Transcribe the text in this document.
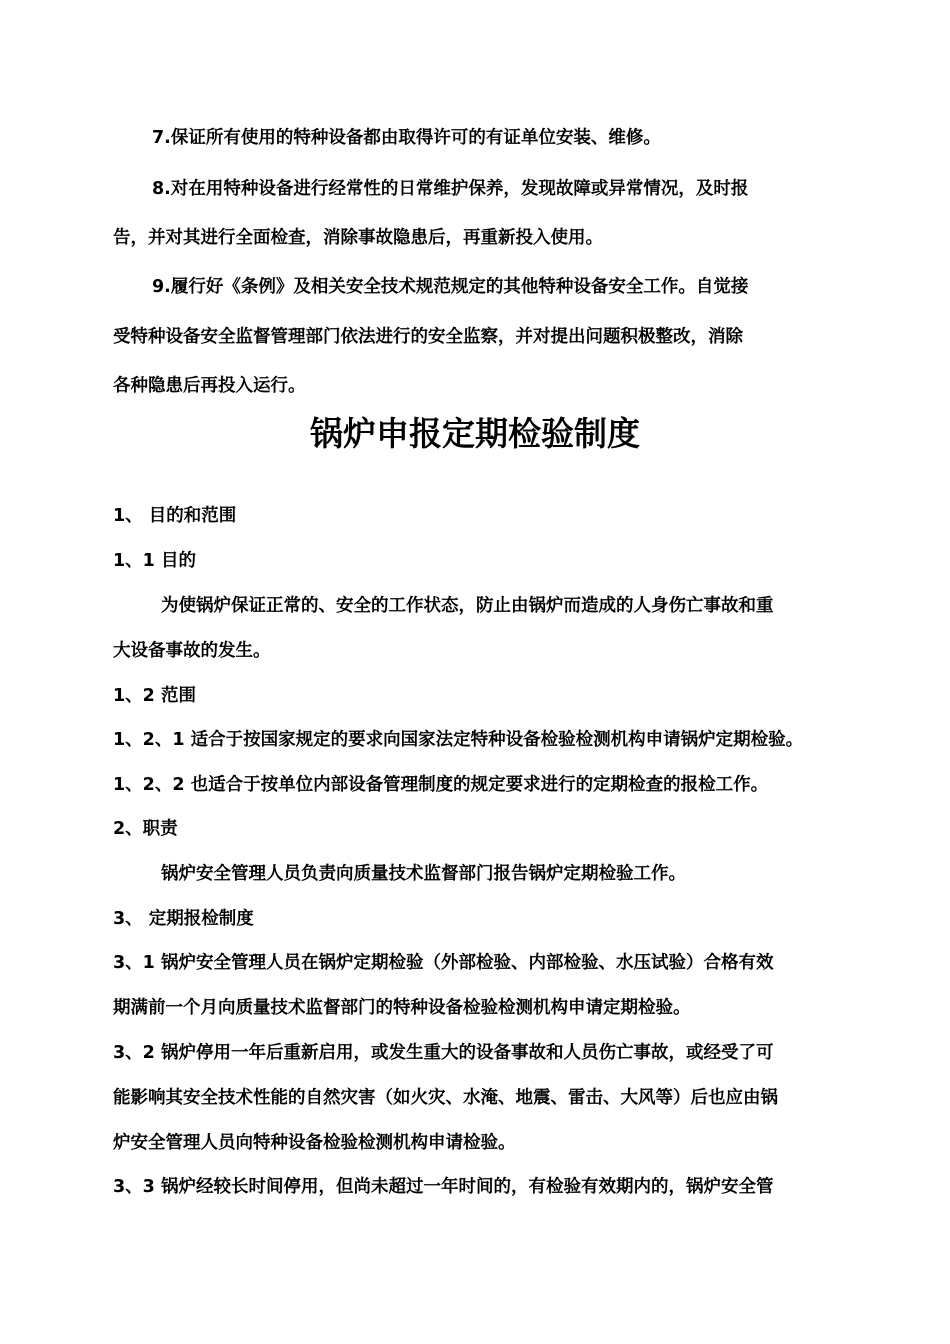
7.保证所有使用的特种设备都由取得许可的有证单位安装、维修。
8.对在用特种设备进行经常性的日常维护保养，发现故障或异常情况，及时报
告，并对其进行全面检查，消除事故隐患后，再重新投入使用。
9.履行好《条例》及相关安全技术规范规定的其他特种设备安全工作。自觉接
受特种设备安全监督管理部门依法进行的安全监察，并对提出问题积极整改，消除
各种隐患后再投入运行。
锅炉申报定期检验制度
1、 目的和范围
1、1 目的
为使锅炉保证正常的、安全的工作状态，防止由锅炉而造成的人身伤亡事故和重
大设备事故的发生。
1、2 范围
1、2、1 适合于按国家规定的要求向国家法定特种设备检验检测机构申请锅炉定期检验。
1、2、2 也适合于按单位内部设备管理制度的规定要求进行的定期检查的报检工作。
2、职责
锅炉安全管理人员负责向质量技术监督部门报告锅炉定期检验工作。
3、 定期报检制度
3、1 锅炉安全管理人员在锅炉定期检验（外部检验、内部检验、水压试验）合格有效
期满前一个月向质量技术监督部门的特种设备检验检测机构申请定期检验。
3、2 锅炉停用一年后重新启用，或发生重大的设备事故和人员伤亡事故，或经受了可
能影响其安全技术性能的自然灾害（如火灾、水淹、地震、雷击、大风等）后也应由锅
炉安全管理人员向特种设备检验检测机构申请检验。
3、3 锅炉经较长时间停用，但尚未超过一年时间的，有检验有效期内的，锅炉安全管
